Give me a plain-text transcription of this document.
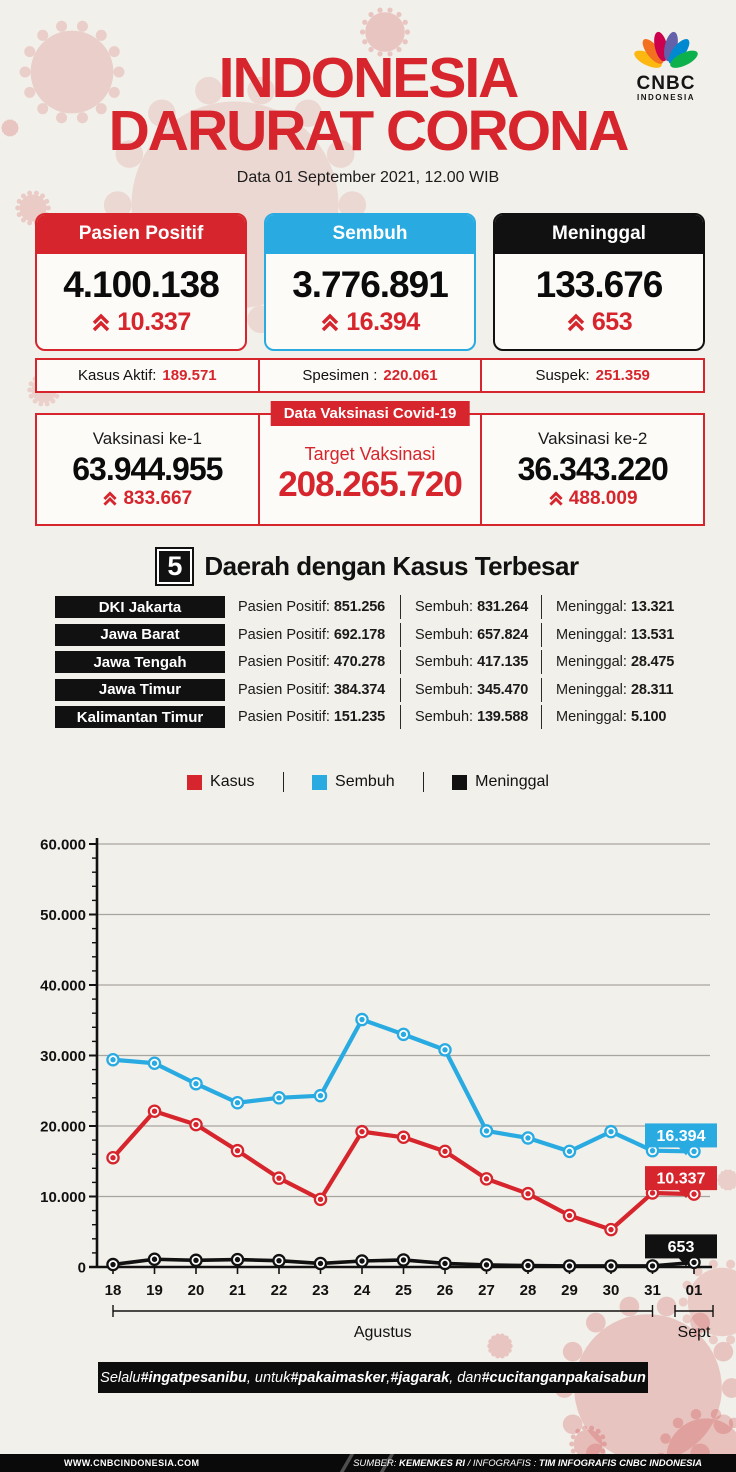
CNBC
INDONESIA
INDONESIA
DARURAT CORONA
Data 01 September 2021, 12.00 WIB
Pasien Positif
4.100.138
10.337
Sembuh
3.776.891
16.394
Meninggal
133.676
653
Kasus Aktif: 189.571	Spesimen : 220.061	Suspek: 251.359
Vaksinasi ke-1
63.944.955
833.667
Data Vaksinasi Covid-19
Target Vaksinasi
208.265.720
Vaksinasi ke-2
36.343.220
488.009
5 Daerah dengan Kasus Terbesar
DKI Jakarta	Pasien Positif: 851.256	Sembuh: 831.264	Meninggal: 13.321
Jawa Barat	Pasien Positif: 692.178	Sembuh: 657.824	Meninggal: 13.531
Jawa Tengah	Pasien Positif: 470.278	Sembuh: 417.135	Meninggal: 28.475
Jawa Timur	Pasien Positif: 384.374	Sembuh: 345.470	Meninggal: 28.311
Kalimantan Timur	Pasien Positif: 151.235	Sembuh: 139.588	Meninggal: 5.100
Kasus	Sembuh	Meninggal
0
10.000
20.000
30.000
40.000
50.000
60.000
18 19 20 21 22 23 24 25 26 27 28 29 30 31 01
Agustus	Sept
653
16.394
10.337
Selalu #ingatpesanibu , untuk #pakaimasker , #jagarak , dan #cucitanganpakaisabun
WWW.CNBCINDONESIA.COM	SUMBER: KEMENKES RI / INFOGRAFIS : TIM INFOGRAFIS CNBC INDONESIA
